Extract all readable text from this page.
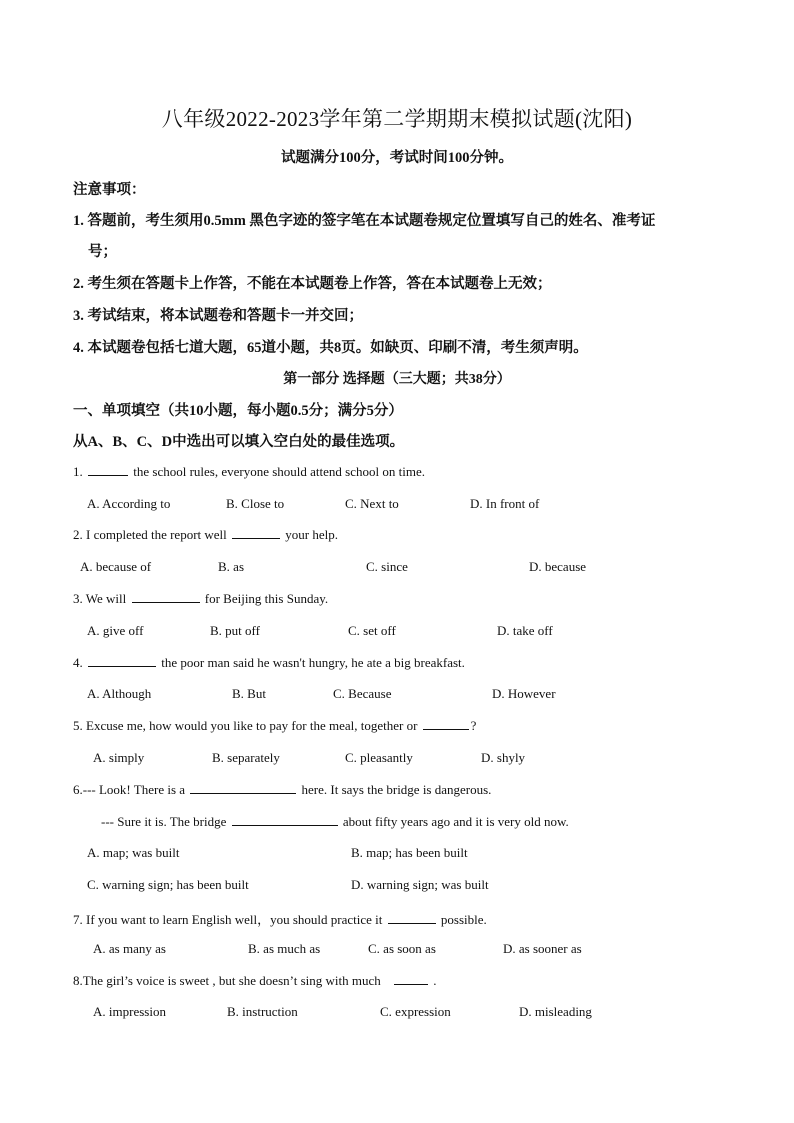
八年级2022-2023学年第二学期期末模拟试题(沈阳)
试题满分100分，考试时间100分钟。
注意事项：
1. 答题前，考生须用0.5mm 黑色字迹的签字笔在本试题卷规定位置填写自己的姓名、准考证
号；
2. 考生须在答题卡上作答，不能在本试题卷上作答，答在本试题卷上无效；
3. 考试结束，将本试题卷和答题卡一并交回；
4. 本试题卷包括七道大题，65道小题，共8页。如缺页、印刷不清，考生须声明。
第一部分 选择题（三大题；共38分）
一、单项填空（共10小题，每小题0.5分；满分5分）
从A、B、C、D中选出可以填入空白处的最佳选项。
1.	the school rules, everyone should attend school on time.
A. According to	B. Close to	C. Next to	D. In front of
2. I completed the report well	your help.
A. because of	B. as	C. since	D. because
3. We will	for Beijing this Sunday.
A. give off	B. put off	C. set off	D. take off
4.	the poor man said he wasn't hungry, he ate a big breakfast.
A. Although	B. But	C. Because	D. However
5. Excuse me, how would you like to pay for the meal, together or	?
A. simply	B. separately	C. pleasantly	D. shyly
6.--- Look! There is a	here. It says the bridge is dangerous.
--- Sure it is. The bridge	about fifty years ago and it is very old now.
A. map; was built	B. map; has been built
C. warning sign; has been built	D. warning sign; was built
7. If you want to learn English well，you should practice it	possible.
A. as many as	B. as much as	C. as soon as	D. as sooner as
8.The girl’s voice is sweet , but she doesn’t sing with much	.
A. impression	B. instruction	C. expression	D. misleading
